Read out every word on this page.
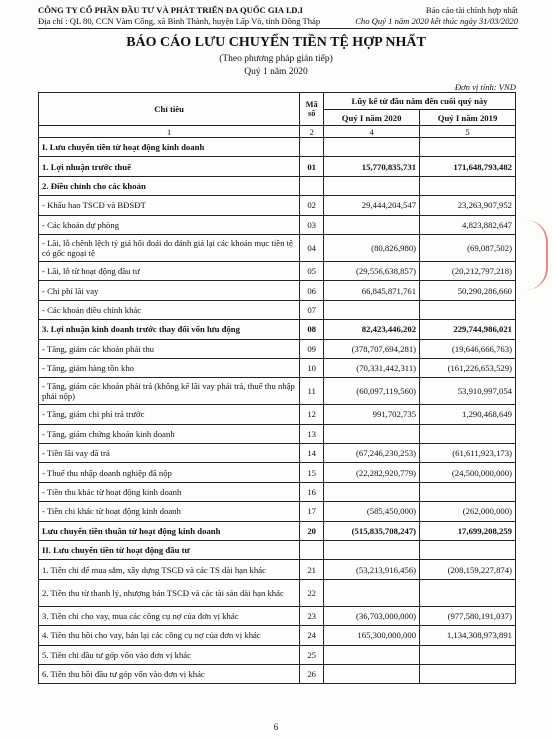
CÔNG TY CỔ PHẦN ĐẦU TƯ VÀ PHÁT TRIỂN ĐA QUỐC GIA I.D.I	Báo cáo tài chính hợp nhất
Địa chỉ : QL 80, CCN Vàm Cống, xã Bình Thành, huyện Lấp Vò, tỉnh Đồng Tháp	Cho Quý 1 năm 2020 kết thúc ngày 31/03/2020
BÁO CÁO LƯU CHUYỂN TIỀN TỆ HỢP NHẤT
(Theo phương pháp gián tiếp)
Quý 1 năm 2020
Đơn vị tính: VND
Chỉ tiêu	Mã số	Lũy kế từ đầu năm đến cuối quý này	
		Quý I năm 2020	Quý I năm 2019
1	2	4	5
I. Lưu chuyển tiền từ hoạt động kinh doanh			
1. Lợi nhuận trước thuế	01	15,770,835,731	171,648,793,482
2. Điều chỉnh cho các khoản			
- Khấu hao TSCĐ và BĐSĐT	02	29,444,204,547	23,263,907,952
- Các khoản dự phòng	03		4,823,882,647
- Lãi, lỗ chênh lệch tỷ giá hối đoái do đánh giá lại các khoản mục tiền tệ có gốc ngoại tệ	04	(80,826,980)	(69,087,502)
- Lãi, lỗ từ hoạt động đầu tư	05	(29,556,638,857)	(20,212,797,218)
- Chi phí lãi vay	06	66,845,871,761	50,290,286,660
- Các khoản điều chỉnh khác	07		
3. Lợi nhuận kinh doanh trước thay đổi vốn lưu động	08	82,423,446,202	229,744,986,021
- Tăng, giảm các khoản phải thu	09	(378,707,694,281)	(19,646,666,763)
- Tăng, giảm hàng tồn kho	10	(70,331,442,311)	(161,226,653,529)
- Tăng, giảm các khoản phải trả (không kể lãi vay phải trả, thuế thu nhập phải nộp)	11	(60,097,119,560)	53,910,997,054
- Tăng, giảm chi phí trả trước	12	991,702,735	1,290,468,649
- Tăng, giảm chứng khoán kinh doanh	13		
- Tiền lãi vay đã trả	14	(67,246,230,253)	(61,611,923,173)
- Thuế thu nhập doanh nghiệp đã nộp	15	(22,282,920,779)	(24,500,000,000)
- Tiền thu khác từ hoạt động kinh doanh	16		
- Tiền chi khác từ hoạt động kinh doanh	17	(585,450,000)	(262,000,000)
Lưu chuyển tiền thuần từ hoạt động kinh doanh	20	(515,835,708,247)	17,699,208,259
II. Lưu chuyển tiền từ hoạt động đầu tư			
1. Tiền chi để mua sắm, xây dựng TSCĐ và các TS dài hạn khác	21	(53,213,916,456)	(208,159,227,874)
2. Tiền thu từ thanh lý, nhượng bán TSCĐ và các tài sản dài hạn khác	22		
3. Tiền chi cho vay, mua các công cụ nợ của đơn vị khác	23	(36,703,000,000)	(977,580,191,037)
4. Tiền thu hồi cho vay, bán lại các công cụ nợ của đơn vị khác	24	165,300,000,000	1,134,308,973,891
5. Tiền chi đầu tư góp vốn vào đơn vị khác	25		
6. Tiền thu hồi đầu tư góp vốn vào đơn vị khác	26		
6
